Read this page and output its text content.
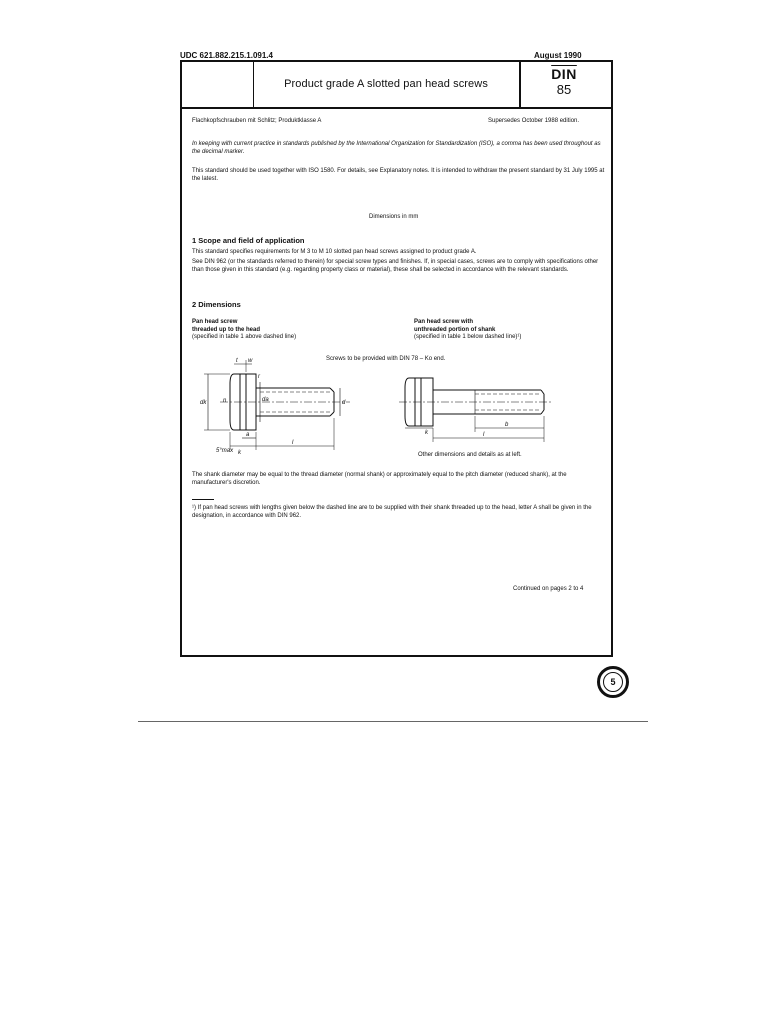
UDC 621.882.215.1.091.4	August 1990
Product grade A slotted pan head screws
$\overline{DIN}$
85
Flachkopfschrauben mit Schlitz; Produktklasse A	Supersedes October 1988 edition.
In keeping with current practice in standards published by the International Organization for Standardization (ISO), a comma has been used throughout as the decimal marker.
This standard should be used together with ISO 1580. For details, see Explanatory notes. It is intended to withdraw the present standard by 31 July 1995 at the latest.
Dimensions in mm
1 Scope and field of application
This standard specifies requirements for M 3 to M 10 slotted pan head screws assigned to product grade A.
See DIN 962 (or the standards referred to therein) for special screw types and finishes. If, in special cases, screws are to comply with specifications other than those given in this standard (e.g. regarding property class or material), these shall be selected in accordance with the relevant standards.
2 Dimensions
Pan head screw
threaded up to the head
(specified in table 1 above dashed line)
Pan head screw with
unthreaded portion of shank
(specified in table 1 below dashed line)¹)
Screws to be provided with DIN 78 – Ko end.
dk	da	d
n
t w
r
k
a
l
5°max
b
l
k
Other dimensions and details as at left.
The shank diameter may be equal to the thread diameter (normal shank) or approximately equal to the pitch diameter (reduced shank), at the manufacturer's discretion.
¹) If pan head screws with lengths given below the dashed line are to be supplied with their shank threaded up to the head, letter A shall be given in the designation, in accordance with DIN 962.
Continued on pages 2 to 4
5
